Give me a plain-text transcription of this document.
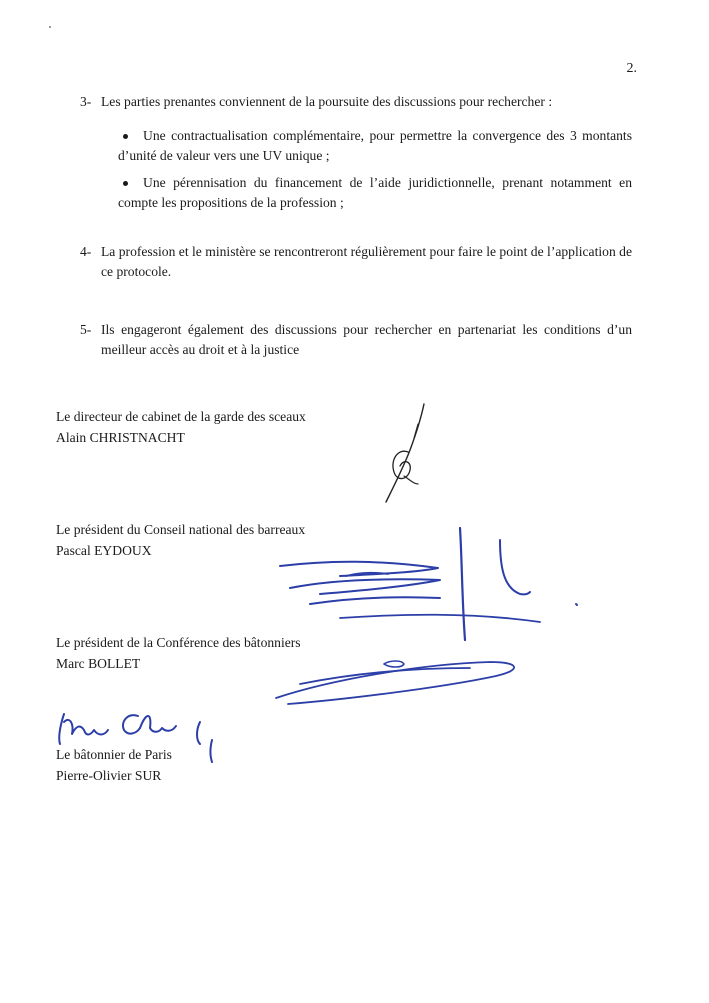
2.
3- Les parties prenantes conviennent de la poursuite des discussions pour rechercher :
Une contractualisation complémentaire, pour permettre la convergence des 3 montants d’unité de valeur vers une UV unique ;
Une pérennisation du financement de l’aide juridictionnelle, prenant notamment en compte les propositions de la profession ;
4- La profession et le ministère se rencontreront régulièrement pour faire le point de l’application de ce protocole.
5- Ils engageront également des discussions pour rechercher en partenariat les conditions d’un meilleur accès au droit et à la justice
Le directeur de cabinet de la garde des sceaux
Alain CHRISTNACHT
Le président du Conseil national des barreaux
Pascal EYDOUX
Le président de la Conférence des bâtonniers
Marc BOLLET
Le bâtonnier de Paris
Pierre-Olivier SUR
